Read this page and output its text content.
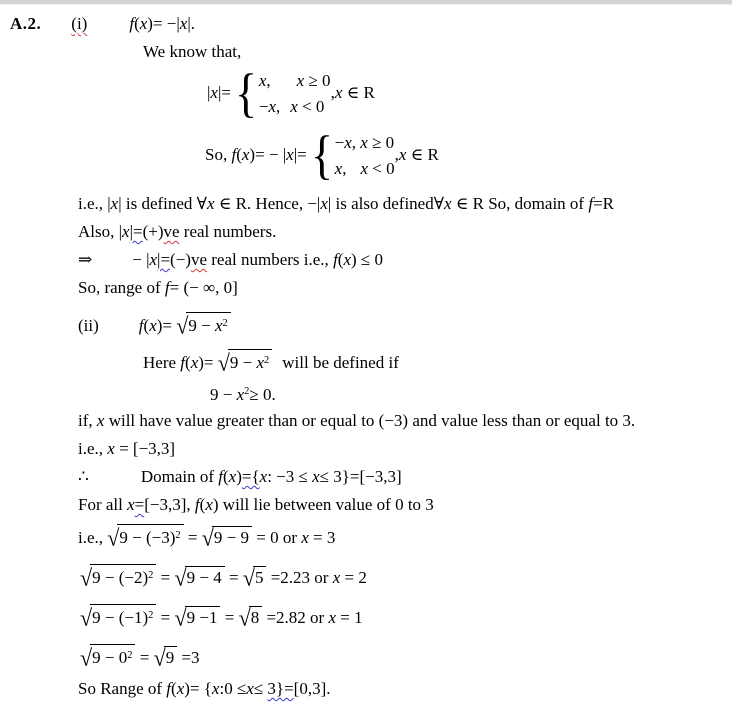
A.2. (i) f(x)= −|x|.
We know that,
| x |= { x, x ≥ 0
−x, x < 0
, x ∈ R
So, f ( x )= − | x |= { −x, x ≥ 0
x, x < 0
, x ∈ R
i.e., |x| is defined ∀x ∈ R. Hence, −|x| is also defined∀x ∈ R So, domain of f=R
Also, |x|=(+)ve real numbers.
⇒ − |x|=(−)ve real numbers i.e., f(x) ≤ 0
So, range of f= (− ∞, 0]
(ii) $f(x)= √9 - x^2$
Here $f(x)= √9 - x^2$ will be defined if
$9 - x^2\ge 0$.
if, x will have value greater than or equal to (−3) and value less than or equal to 3.
i.e., x = [−3,3]
∴	Domain of f(x)={x: −3 ≤ x≤ 3}=[−3,3]
For all x=[−3,3], f(x) will lie between value of 0 to 3
i.e., $√9 - (-3)^2 = √9 - 9 = 0$ or x = 3
$√9 - (-2)^2 = √9 - 4 = √5 =2.23$ or x = 2
$√9 - (-1)^2 = √9 -1 = √8 =2.82$ or x = 1
$√9 - 0^2 = √9 =3$
So Range of f(x)= {x:0 ≤x≤ 3}=[0,3].
